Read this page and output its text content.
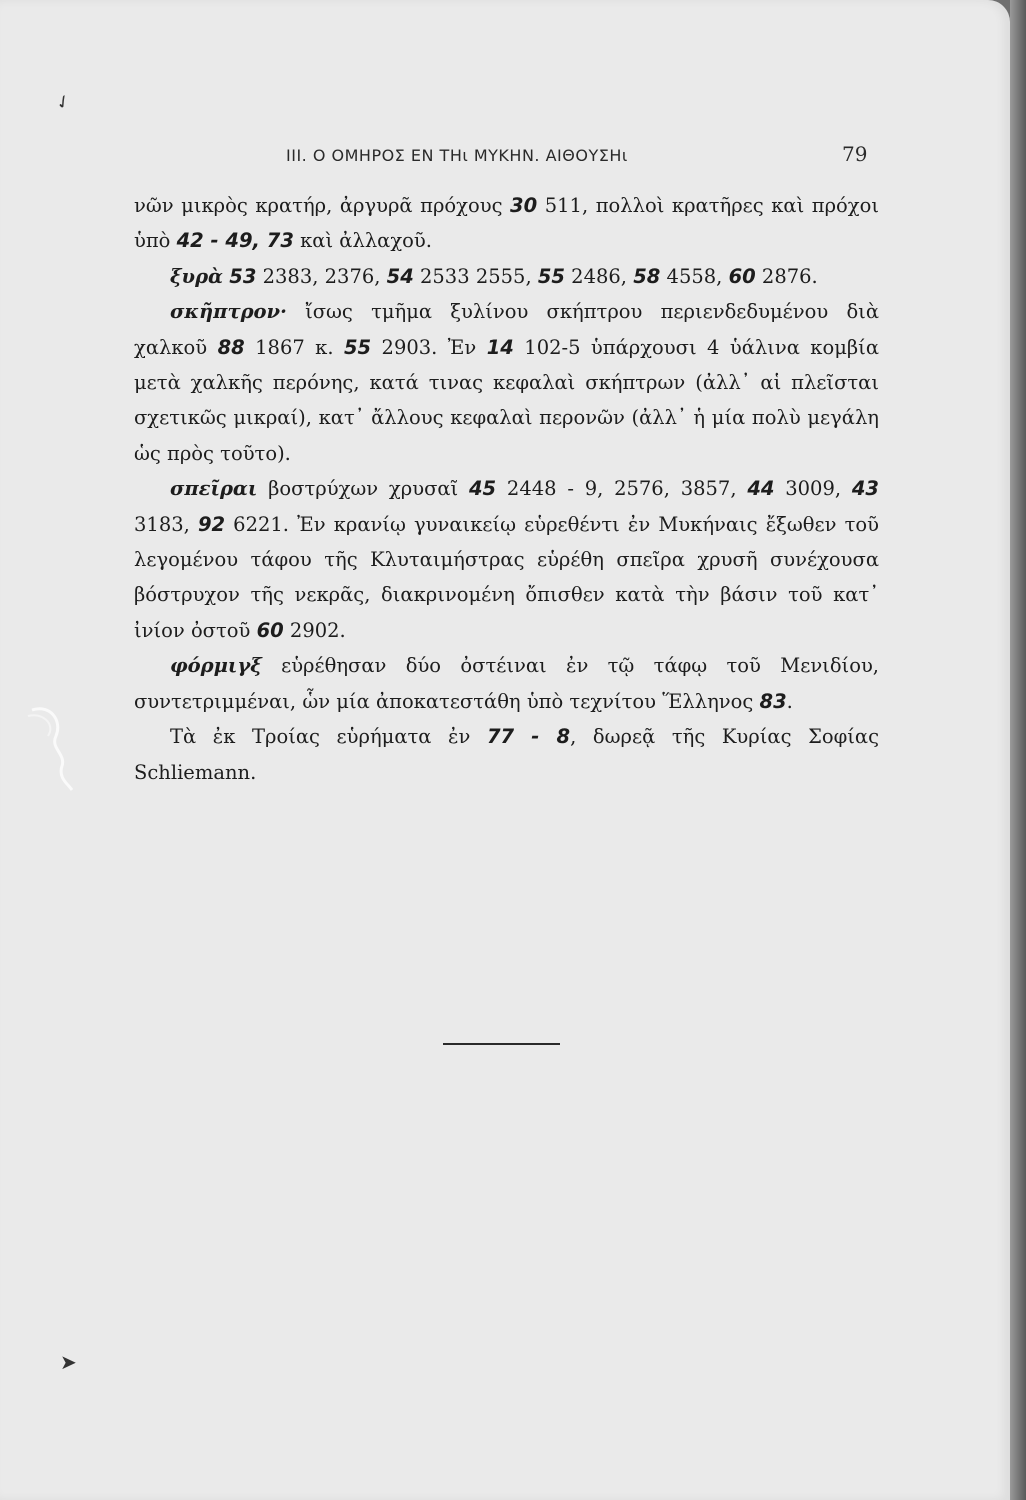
ΙΙΙ. Ο ΟΜΗΡΟΣ ΕΝ ΤΗι ΜΥΚΗΝ. ΑΙΘΟΥΣΗι	79

νῶν μικρὸς κρατήρ, ἀργυρᾶ πρόχους 30 511, πολλοὶ κρατῆρες καὶ πρόχοι ὑπὸ 42 - 49, 73 καὶ ἀλλαχοῦ.

ξυρὰ 53 2383, 2376, 54 2533 2555, 55 2486, 58 4558, 60 2876.

σκῆπτρον· ἴσως τμῆμα ξυλίνου σκήπτρου περιενδεδυμένου διὰ χαλκοῦ 88 1867 κ. 55 2903. Ἐν 14 102-5 ὑπάρχουσι 4 ὑάλινα κομβία μετὰ χαλκῆς περόνης, κατά τινας κεφαλαὶ σκήπτρων (ἀλλ᾽ αἱ πλεῖσται σχετικῶς μικραί), κατ᾽ ἄλλους κεφαλαὶ περονῶν (ἀλλ᾽ ἡ μία πολὺ μεγάλη ὡς πρὸς τοῦτο).

σπεῖραι βοστρύχων χρυσαῖ 45 2448 - 9, 2576, 3857, 44 3009, 43 3183, 92 6221. Ἐν κρανίῳ γυναικείῳ εὑρεθέντι ἐν Μυκήναις ἔξωθεν τοῦ λεγομένου τάφου τῆς Κλυταιμήστρας εὑρέθη σπεῖρα χρυσῆ συνέχουσα βόστρυχον τῆς νεκρᾶς, διακρινομένη ὄπισθεν κατὰ τὴν βάσιν τοῦ κατ᾽ ἰνίον ὀστοῦ 60 2902.

φόρμιγξ εὑρέθησαν δύο ὀστέιναι ἐν τῷ τάφῳ τοῦ Μενιδίου, συντετριμμέναι, ὧν μία ἀποκατεστάθη ὑπὸ τεχνίτου Ἕλληνος 83.

Τὰ ἐκ Τροίας εὑρήματα ἐν 77 - 8, δωρεᾷ τῆς Κυρίας Σοφίας Schliemann.

✓
➤
